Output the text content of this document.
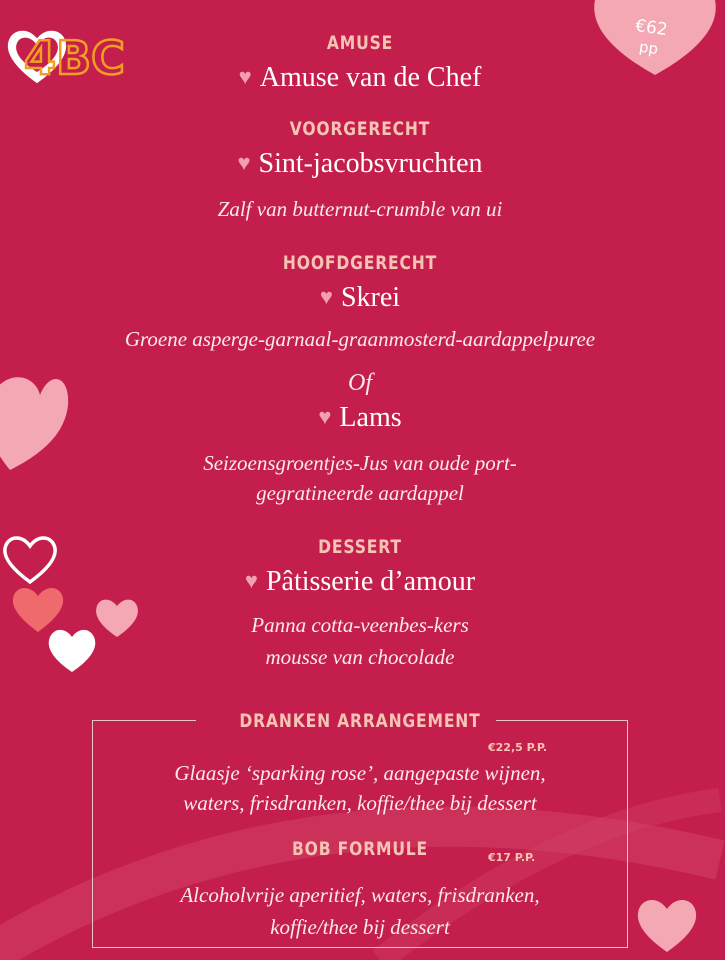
4BC
€62
pp
AMUSE
♥ Amuse van de Chef
VOORGERECHT
♥ Sint-jacobsvruchten
Zalf van butternut-crumble van ui
HOOFDGERECHT
♥ Skrei
Groene asperge-garnaal-graanmosterd-aardappelpuree
Of
♥ Lams
Seizoensgroentjes-Jus van oude port-
gegratineerde aardappel
DESSERT
♥ Pâtisserie d’amour
Panna cotta-veenbes-kers
mousse van chocolade
DRANKEN ARRANGEMENT
€22,5 P.P.
Glaasje ‘sparking rose’, aangepaste wijnen,
waters, frisdranken, koffie/thee bij dessert
BOB FORMULE	€17 P.P.
Alcoholvrije aperitief, waters, frisdranken,
koffie/thee bij dessert
